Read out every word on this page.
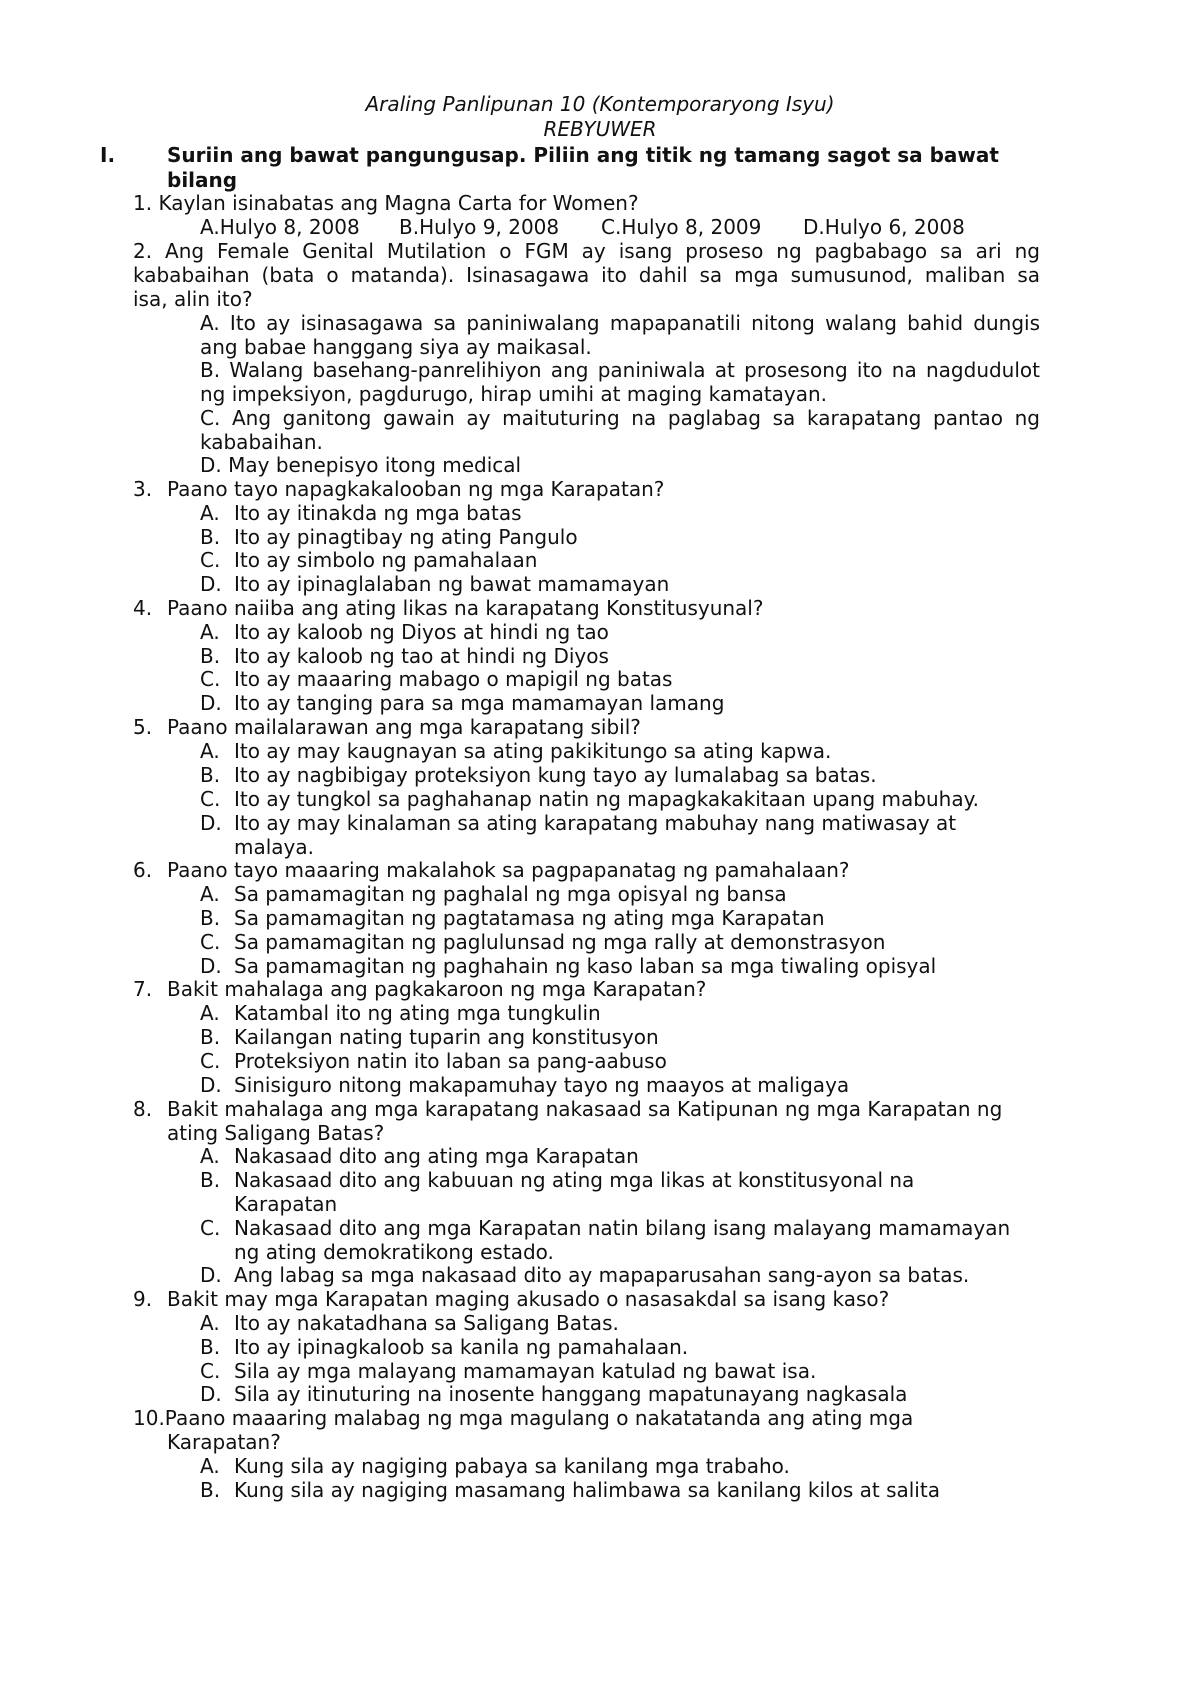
Araling Panlipunan 10 (Kontemporaryong Isyu)
REBYUWER
I.	Suriin ang bawat pangungusap. Piliin ang titik ng tamang sagot sa bawat
bilang
1. Kaylan isinabatas ang Magna Carta for Women?
A.Hulyo 8, 2008 B.Hulyo 9, 2008 C.Hulyo 8, 2009 D.Hulyo 6, 2008
2. Ang Female Genital Mutilation o FGM ay isang proseso ng pagbabago sa ari ng
kababaihan (bata o matanda). Isinasagawa ito dahil sa mga sumusunod, maliban sa
isa, alin ito?
A. Ito ay isinasagawa sa paniniwalang mapapanatili nitong walang bahid dungis
ang babae hanggang siya ay maikasal.
B. Walang basehang-panrelihiyon ang paniniwala at prosesong ito na nagdudulot
ng impeksiyon, pagdurugo, hirap umihi at maging kamatayan.
C. Ang ganitong gawain ay maituturing na paglabag sa karapatang pantao ng
kababaihan.
D. May benepisyo itong medical
3. Paano tayo napagkakalooban ng mga Karapatan?
A. Ito ay itinakda ng mga batas
B. Ito ay pinagtibay ng ating Pangulo
C. Ito ay simbolo ng pamahalaan
D. Ito ay ipinaglalaban ng bawat mamamayan
4. Paano naiiba ang ating likas na karapatang Konstitusyunal?
A. Ito ay kaloob ng Diyos at hindi ng tao
B. Ito ay kaloob ng tao at hindi ng Diyos
C. Ito ay maaaring mabago o mapigil ng batas
D. Ito ay tanging para sa mga mamamayan lamang
5. Paano mailalarawan ang mga karapatang sibil?
A. Ito ay may kaugnayan sa ating pakikitungo sa ating kapwa.
B. Ito ay nagbibigay proteksiyon kung tayo ay lumalabag sa batas.
C. Ito ay tungkol sa paghahanap natin ng mapagkakakitaan upang mabuhay.
D. Ito ay may kinalaman sa ating karapatang mabuhay nang matiwasay at
malaya.
6. Paano tayo maaaring makalahok sa pagpapanatag ng pamahalaan?
A. Sa pamamagitan ng paghalal ng mga opisyal ng bansa
B. Sa pamamagitan ng pagtatamasa ng ating mga Karapatan
C. Sa pamamagitan ng paglulunsad ng mga rally at demonstrasyon
D. Sa pamamagitan ng paghahain ng kaso laban sa mga tiwaling opisyal
7. Bakit mahalaga ang pagkakaroon ng mga Karapatan?
A. Katambal ito ng ating mga tungkulin
B. Kailangan nating tuparin ang konstitusyon
C. Proteksiyon natin ito laban sa pang-aabuso
D. Sinisiguro nitong makapamuhay tayo ng maayos at maligaya
8. Bakit mahalaga ang mga karapatang nakasaad sa Katipunan ng mga Karapatan ng
ating Saligang Batas?
A. Nakasaad dito ang ating mga Karapatan
B. Nakasaad dito ang kabuuan ng ating mga likas at konstitusyonal na
Karapatan
C. Nakasaad dito ang mga Karapatan natin bilang isang malayang mamamayan
ng ating demokratikong estado.
D. Ang labag sa mga nakasaad dito ay mapaparusahan sang-ayon sa batas.
9. Bakit may mga Karapatan maging akusado o nasasakdal sa isang kaso?
A. Ito ay nakatadhana sa Saligang Batas.
B. Ito ay ipinagkaloob sa kanila ng pamahalaan.
C. Sila ay mga malayang mamamayan katulad ng bawat isa.
D. Sila ay itinuturing na inosente hanggang mapatunayang nagkasala
10.Paano maaaring malabag ng mga magulang o nakatatanda ang ating mga
Karapatan?
A. Kung sila ay nagiging pabaya sa kanilang mga trabaho.
B. Kung sila ay nagiging masamang halimbawa sa kanilang kilos at salita
